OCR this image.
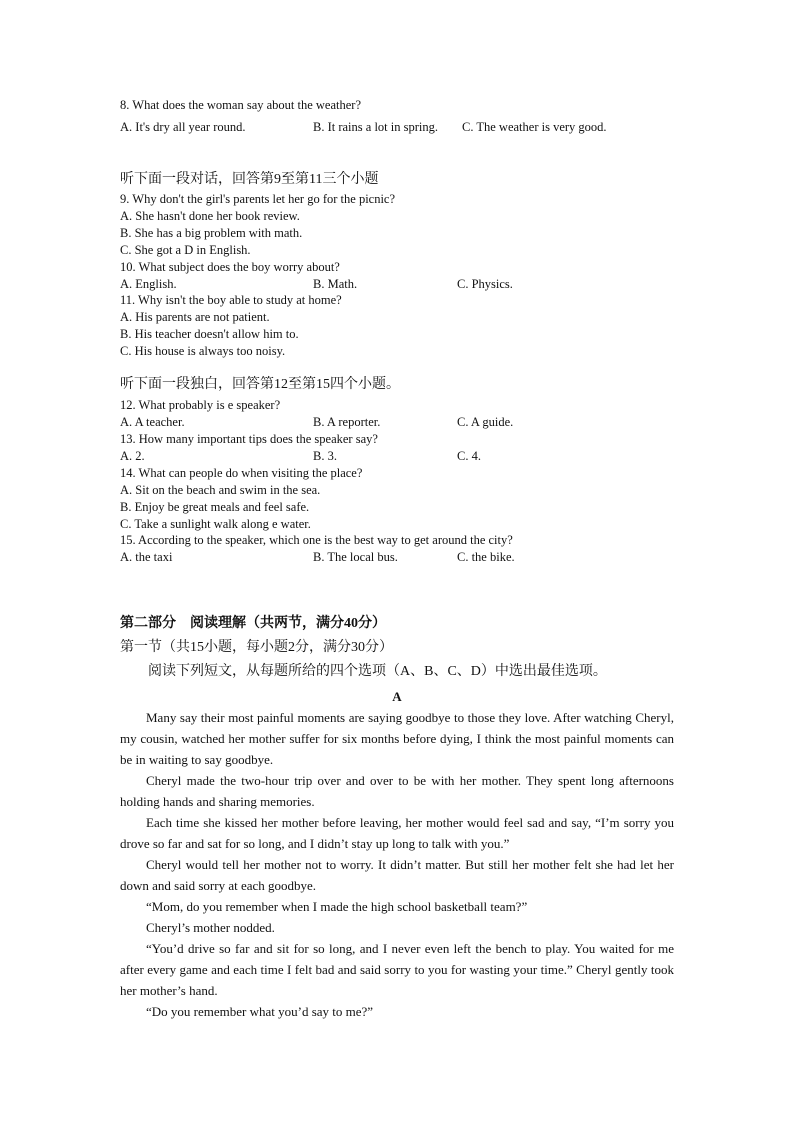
8. What does the woman say about the weather?
A. It's dry all year round.	B. It rains a lot in spring. C. The weather is very good.
听下面一段对话，回答第9至第11三个小题
9. Why don't the girl's parents let her go for the picnic?
A. She hasn't done her book review.
B. She has a big problem with math.
C. She got a D in English.
10. What subject does the boy worry about?
A. English.	B. Math.	C. Physics.
11. Why isn't the boy able to study at home?
A. His parents are not patient.
B. His teacher doesn't allow him to.
C. His house is always too noisy.
听下面一段独白，回答第12至第15四个小题。
12. What probably is e speaker?
A. A teacher.	B. A reporter.	C. A guide.
13. How many important tips does the speaker say?
A. 2.	B. 3.	C. 4.
14. What can people do when visiting the place?
A. Sit on the beach and swim in the sea.
B. Enjoy be great meals and feel safe.
C. Take a sunlight walk along e water.
15. According to the speaker, which one is the best way to get around the city?
A. the taxi	B. The local bus.	C. the bike.
第二部分　阅读理解（共两节，满分40分）
第一节（共15小题，每小题2分，满分30分）
阅读下列短文，从每题所给的四个选项（A、B、C、D）中选出最佳选项。

A

Many say their most painful moments are saying goodbye to those they love. After watching Cheryl, my cousin, watched her mother suffer for six months before dying, I think the most painful moments can be in waiting to say goodbye.

Cheryl made the two-hour trip over and over to be with her mother. They spent long afternoons holding hands and sharing memories.

Each time she kissed her mother before leaving, her mother would feel sad and say, “I’m sorry you drove so far and sat for so long, and I didn’t stay up long to talk with you.”

Cheryl would tell her mother not to worry. It didn’t matter. But still her mother felt she had let her down and said sorry at each goodbye.

“Mom, do you remember when I made the high school basketball team?”

Cheryl’s mother nodded.

“You’d drive so far and sit for so long, and I never even left the bench to play. You waited for me after every game and each time I felt bad and said sorry to you for wasting your time.” Cheryl gently took her mother’s hand.

“Do you remember what you’d say to me?”
